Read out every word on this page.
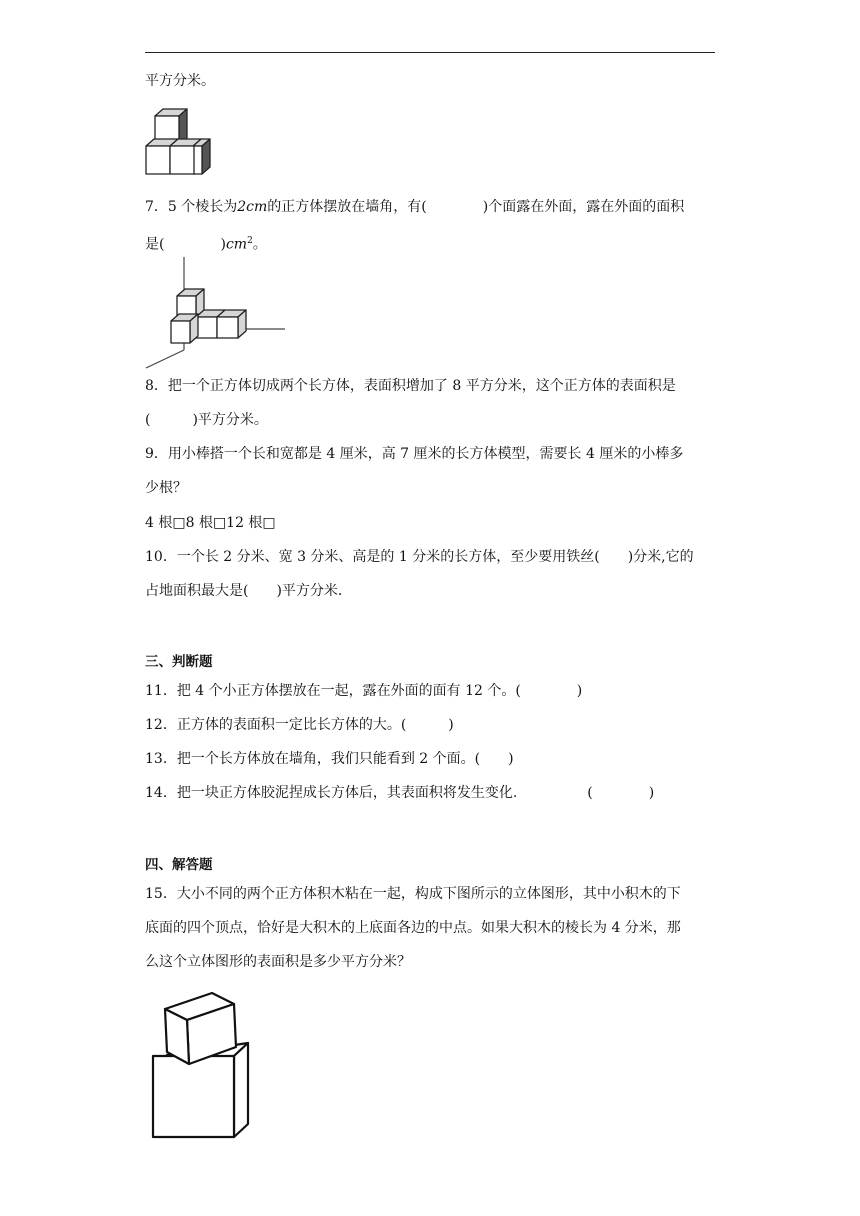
平方分米。
7．5 个棱长为2cm的正方体摆放在墙角，有(　　　　)个面露在外面，露在外面的面积
是(　　　　)$cm^2$。
8．把一个正方体切成两个长方体，表面积增加了 8 平方分米，这个正方体的表面积是
(　　　)平方分米。
9．用小棒搭一个长和宽都是 4 厘米，高 7 厘米的长方体模型，需要长 4 厘米的小棒多
少根？
4 根□8 根□12 根□
10．一个长 2 分米、宽 3 分米、高是的 1 分米的长方体，至少要用铁丝(　　)分米,它的
占地面积最大是(　　)平方分米．
三、判断题
11．把 4 个小正方体摆放在一起，露在外面的面有 12 个。(　　　　)
12．正方体的表面积一定比长方体的大。(　　　)
13．把一个长方体放在墙角，我们只能看到 2 个面。(　　)
14．把一块正方体胶泥捏成长方体后，其表面积将发生变化.　　　　　(　　　　)
四、解答题
15．大小不同的两个正方体积木粘在一起，构成下图所示的立体图形，其中小积木的下
底面的四个顶点，恰好是大积木的上底面各边的中点。如果大积木的棱长为 4 分米，那
么这个立体图形的表面积是多少平方分米？
